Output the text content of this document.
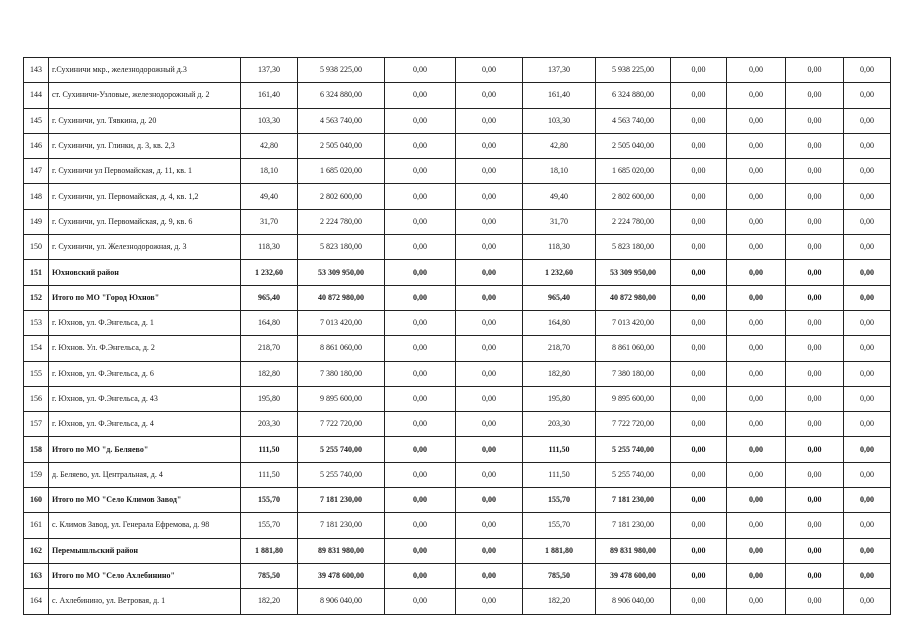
143	г.Сухиничи мкр., железнодорожный д.3	137,30	5 938 225,00	0,00	0,00	137,30	5 938 225,00	0,00	0,00	0,00	0,00
144	ст. Сухиничи-Узловые, железнодорожный д. 2	161,40	6 324 880,00	0,00	0,00	161,40	6 324 880,00	0,00	0,00	0,00	0,00
145	г. Сухиничи, ул. Тявкина, д. 20	103,30	4 563 740,00	0,00	0,00	103,30	4 563 740,00	0,00	0,00	0,00	0,00
146	г. Сухиничи, ул. Глинки, д. 3, кв. 2,3	42,80	2 505 040,00	0,00	0,00	42,80	2 505 040,00	0,00	0,00	0,00	0,00
147	г. Сухиничи ул Первомайская, д. 11, кв. 1	18,10	1 685 020,00	0,00	0,00	18,10	1 685 020,00	0,00	0,00	0,00	0,00
148	г. Сухиничи, ул. Первомайская, д. 4, кв. 1,2	49,40	2 802 600,00	0,00	0,00	49,40	2 802 600,00	0,00	0,00	0,00	0,00
149	г. Сухиничи, ул. Первомайская, д. 9, кв. 6	31,70	2 224 780,00	0,00	0,00	31,70	2 224 780,00	0,00	0,00	0,00	0,00
150	г. Сухиничи, ул. Железнодорожная, д. 3	118,30	5 823 180,00	0,00	0,00	118,30	5 823 180,00	0,00	0,00	0,00	0,00
151	Юхновский район	1 232,60	53 309 950,00	0,00	0,00	1 232,60	53 309 950,00	0,00	0,00	0,00	0,00
152	Итого по МО "Город Юхнов"	965,40	40 872 980,00	0,00	0,00	965,40	40 872 980,00	0,00	0,00	0,00	0,00
153	г. Юхнов, ул. Ф.Энгельса, д. 1	164,80	7 013 420,00	0,00	0,00	164,80	7 013 420,00	0,00	0,00	0,00	0,00
154	г. Юхнов. Ул. Ф.Энгельса, д. 2	218,70	8 861 060,00	0,00	0,00	218,70	8 861 060,00	0,00	0,00	0,00	0,00
155	г. Юхнов, ул. Ф.Энгельса, д. 6	182,80	7 380 180,00	0,00	0,00	182,80	7 380 180,00	0,00	0,00	0,00	0,00
156	г. Юхнов, ул. Ф.Энгельса, д. 43	195,80	9 895 600,00	0,00	0,00	195,80	9 895 600,00	0,00	0,00	0,00	0,00
157	г. Юхнов, ул. Ф.Энгельса, д. 4	203,30	7 722 720,00	0,00	0,00	203,30	7 722 720,00	0,00	0,00	0,00	0,00
158	Итого по МО "д. Беляево"	111,50	5 255 740,00	0,00	0,00	111,50	5 255 740,00	0,00	0,00	0,00	0,00
159	д. Беляево, ул. Центральная, д. 4	111,50	5 255 740,00	0,00	0,00	111,50	5 255 740,00	0,00	0,00	0,00	0,00
160	Итого по МО "Село Климов Завод"	155,70	7 181 230,00	0,00	0,00	155,70	7 181 230,00	0,00	0,00	0,00	0,00
161	с. Климов Завод, ул. Генерала Ефремова, д. 98	155,70	7 181 230,00	0,00	0,00	155,70	7 181 230,00	0,00	0,00	0,00	0,00
162	Перемышльский район	1 881,80	89 831 980,00	0,00	0,00	1 881,80	89 831 980,00	0,00	0,00	0,00	0,00
163	Итого по МО "Село Ахлебинино"	785,50	39 478 600,00	0,00	0,00	785,50	39 478 600,00	0,00	0,00	0,00	0,00
164	с. Ахлебинино, ул. Ветровая, д. 1	182,20	8 906 040,00	0,00	0,00	182,20	8 906 040,00	0,00	0,00	0,00	0,00
